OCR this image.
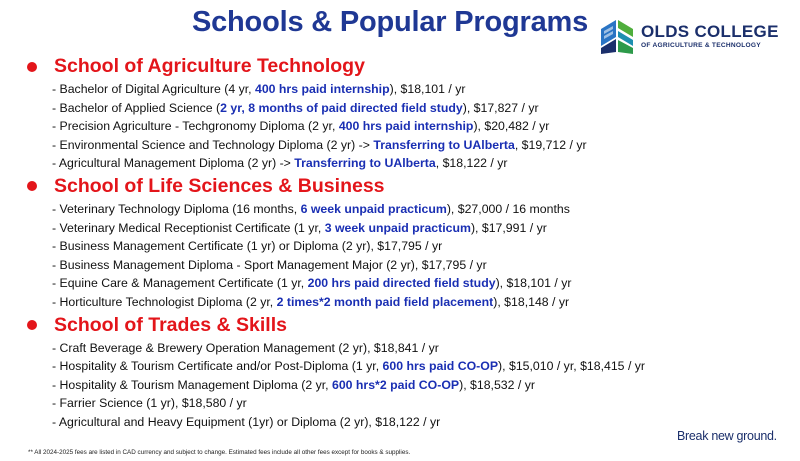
Schools & Popular Programs	OLDS COLLEGE
OF AGRICULTURE & TECHNOLOGY
School of Agriculture Technology
- Bachelor of Digital Agriculture (4 yr, 400 hrs paid internship), $18,101 / yr
- Bachelor of Applied Science (2 yr, 8 months of paid directed field study), $17,827 / yr
- Precision Agriculture - Techgronomy Diploma (2 yr, 400 hrs paid internship), $20,482 / yr
- Environmental Science and Technology Diploma (2 yr) -> Transferring to UAlberta, $19,712 / yr
- Agricultural Management Diploma (2 yr) -> Transferring to UAlberta, $18,122 / yr
School of Life Sciences & Business
- Veterinary Technology Diploma (16 months, 6 week unpaid practicum), $27,000 / 16 months
- Veterinary Medical Receptionist Certificate (1 yr, 3 week unpaid practicum), $17,991 / yr
- Business Management Certificate (1 yr) or Diploma (2 yr), $17,795 / yr
- Business Management Diploma - Sport Management Major (2 yr), $17,795 / yr
- Equine Care & Management Certificate (1 yr, 200 hrs paid directed field study), $18,101 / yr
- Horticulture Technologist Diploma (2 yr, 2 times*2 month paid field placement), $18,148 / yr
School of Trades & Skills
- Craft Beverage & Brewery Operation Management (2 yr), $18,841 / yr
- Hospitality & Tourism Certificate and/or Post-Diploma (1 yr, 600 hrs paid CO-OP), $15,010 / yr, $18,415 / yr
- Hospitality & Tourism Management Diploma (2 yr, 600 hrs*2 paid CO-OP), $18,532 / yr
- Farrier Science (1 yr), $18,580 / yr
- Agricultural and Heavy Equipment (1yr) or Diploma (2 yr), $18,122 / yr
** All 2024-2025 fees are listed in CAD currency and subject to change. Estimated fees include all other fees except for books & supplies.
Break new ground.
